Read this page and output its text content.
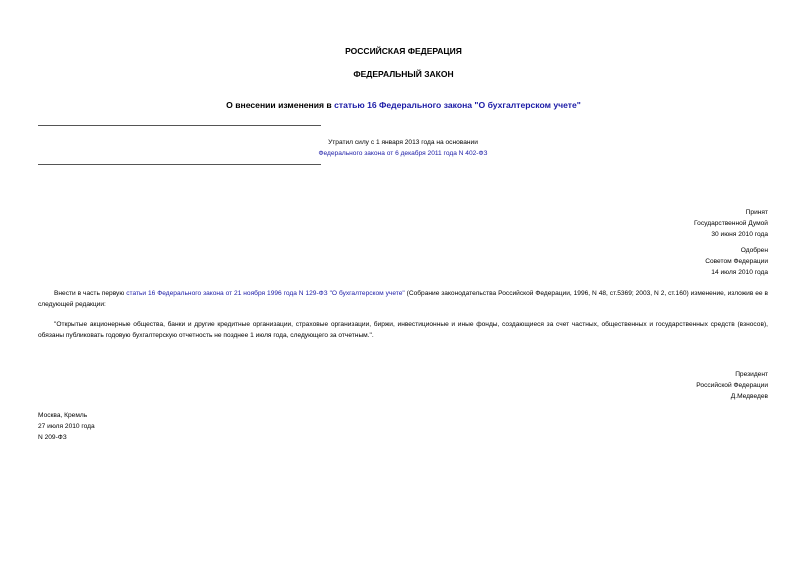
РОССИЙСКАЯ ФЕДЕРАЦИЯ
ФЕДЕРАЛЬНЫЙ ЗАКОН
О внесении изменения в статью 16 Федерального закона "О бухгалтерском учете"
Утратил силу с 1 января 2013 года на основании
Федерального закона от 6 декабря 2011 года N 402-ФЗ
Принят
Государственной Думой
30 июня 2010 года
Одобрен
Советом Федерации
14 июля 2010 года
Внести в часть первую статьи 16 Федерального закона от 21 ноября 1996 года N 129-ФЗ "О бухгалтерском учете" (Собрание законодательства Российской Федерации, 1996, N 48, ст.5369; 2003, N 2, ст.160) изменение, изложив ее в следующей редакции:
"Открытые акционерные общества, банки и другие кредитные организации, страховые организации, биржи, инвестиционные и иные фонды, создающиеся за счет частных, общественных и государственных средств (взносов), обязаны публиковать годовую бухгалтерскую отчетность не позднее 1 июля года, следующего за отчетным.".
Президент
Российской Федерации
Д.Медведев
Москва, Кремль
27 июля 2010 года
N 209-ФЗ
